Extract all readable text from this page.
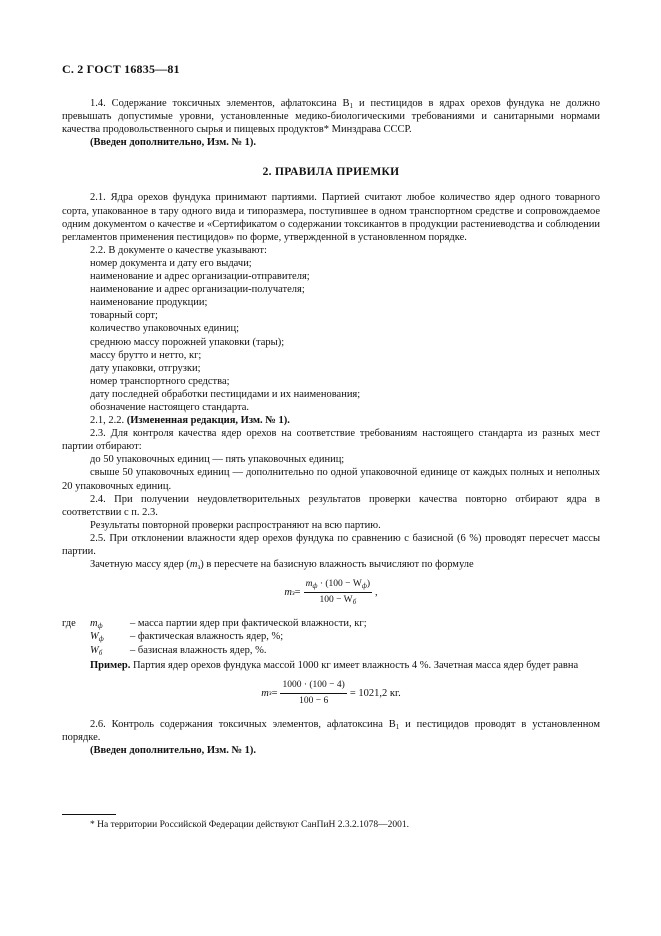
С. 2 ГОСТ 16835—81

1.4. Содержание токсичных элементов, афлатоксина $B_1$ и пестицидов в ядрах орехов фундука не должно превышать допустимые уровни, установленные медико-биологическими требованиями и санитарными нормами качества продовольственного сырья и пищевых продуктов* Минздрава СССР.

(Введен дополнительно, Изм. № 1).

2. ПРАВИЛА ПРИЕМКИ

2.1. Ядра орехов фундука принимают партиями. Партией считают любое количество ядер одного товарного сорта, упакованное в тару одного вида и типоразмера, поступившее в одном транспортном средстве и сопровождаемое одним документом о качестве и «Сертификатом о содержании токсикантов в продукции растениеводства и соблюдении регламентов применения пестицидов» по форме, утвержденной в установленном порядке.

2.2. В документе о качестве указывают:

номер документа и дату его выдачи;

наименование и адрес организации-отправителя;

наименование и адрес организации-получателя;

наименование продукции;

товарный сорт;

количество упаковочных единиц;

среднюю массу порожней упаковки (тары);

массу брутто и нетто, кг;

дату упаковки, отгрузки;

номер транспортного средства;

дату последней обработки пестицидами и их наименования;

обозначение настоящего стандарта.

2.1, 2.2. (Измененная редакция, Изм. № 1).

2.3. Для контроля качества ядер орехов на соответствие требованиям настоящего стандарта из разных мест партии отбирают:

до 50 упаковочных единиц — пять упаковочных единиц;

свыше 50 упаковочных единиц — дополнительно по одной упаковочной единице от каждых полных и неполных 20 упаковочных единиц.

2.4. При получении неудовлетворительных результатов проверки качества повторно отбирают ядра в соответствии с п. 2.3.

Результаты повторной проверки распространяют на всю партию.

2.5. При отклонении влажности ядер орехов фундука по сравнению с базисной (6 %) проводят пересчет массы партии.

Зачетную массу ядер $(m_з)$ в пересчете на базисную влажность вычисляют по формуле

m $з = \frac{m_ф \cdot (100 - W_ф)}{100 - W_б}$ ,
где	$m_ф$	– масса партии ядер при фактической влажности, кг;
$W_ф$	– фактическая влажность ядер, %;
$W_б$	– базисная влажность ядер, %.

Пример. Партия ядер орехов фундука массой 1000 кг имеет влажность 4 %. Зачетная масса ядер будет равна

m $з = \frac{1000 \cdot (100 - 4)}{100 - 6} = 1021,2$ кг.

2.6. Контроль содержания токсичных элементов, афлатоксина $B_1$ и пестицидов проводят в установленном порядке.

(Введен дополнительно, Изм. № 1).

* На территории Российской Федерации действуют СанПиН 2.3.2.1078—2001.
